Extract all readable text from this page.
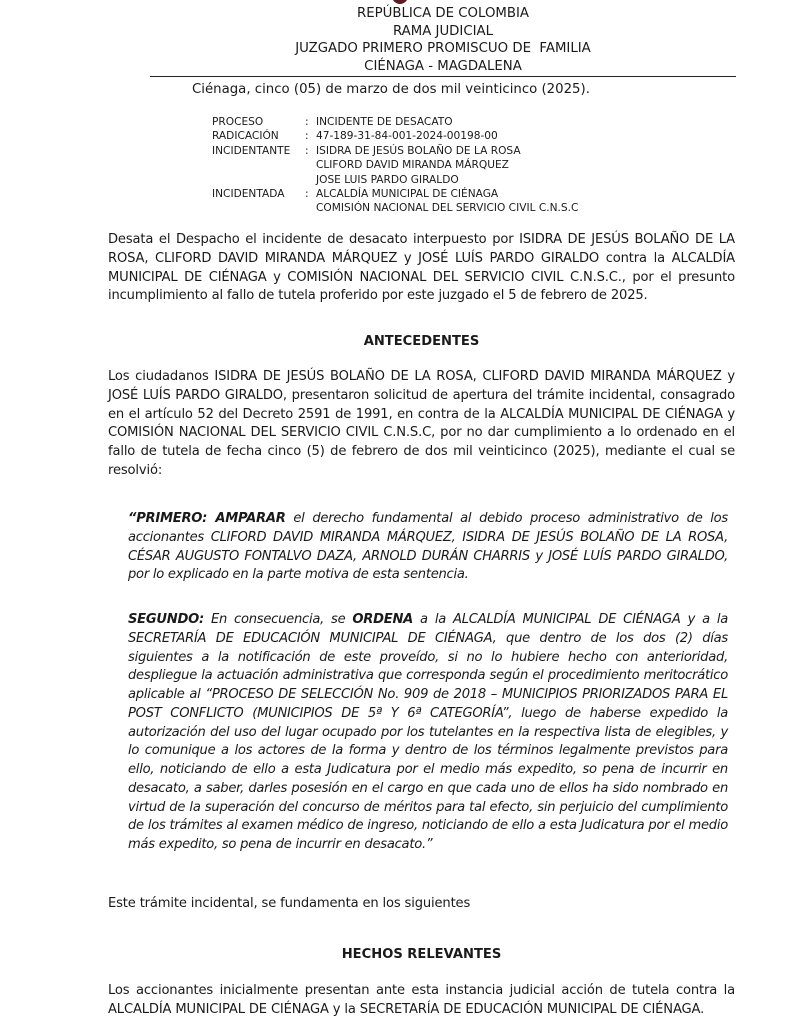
REPÚBLICA DE COLOMBIA
RAMA JUDICIAL
JUZGADO PRIMERO PROMISCUO DE  FAMILIA
CIÉNAGA - MAGDALENA
Ciénaga, cinco (05) de marzo de dos mil veinticinco (2025).
PROCESO	: INCIDENTE DE DESACATO
RADICACIÓN	: 47-189-31-84-001-2024-00198-00
INCIDENTANTE	: ISIDRA DE JESÚS BOLAÑO DE LA ROSA
CLIFORD DAVID MIRANDA MÁRQUEZ
JOSE LUIS PARDO GIRALDO
INCIDENTADA	: ALCALDÍA MUNICIPAL DE CIÉNAGA
COMISIÓN NACIONAL DEL SERVICIO CIVIL C.N.S.C
Desata el Despacho el incidente de desacato interpuesto por ISIDRA DE JESÚS BOLAÑO DE LA ROSA, CLIFORD DAVID MIRANDA MÁRQUEZ y JOSÉ LUÍS PARDO GIRALDO contra la ALCALDÍA MUNICIPAL DE CIÉNAGA y COMISIÓN NACIONAL DEL SERVICIO CIVIL C.N.S.C., por el presunto incumplimiento al fallo de tutela proferido por este juzgado el 5 de febrero de 2025.
ANTECEDENTES
Los ciudadanos ISIDRA DE JESÚS BOLAÑO DE LA ROSA, CLIFORD DAVID MIRANDA MÁRQUEZ y JOSÉ LUÍS PARDO GIRALDO, presentaron solicitud de apertura del trámite incidental, consagrado en el artículo 52 del Decreto 2591 de 1991, en contra de la ALCALDÍA MUNICIPAL DE CIÉNAGA y COMISIÓN NACIONAL DEL SERVICIO CIVIL C.N.S.C, por no dar cumplimiento a lo ordenado en el fallo de tutela de fecha cinco (5) de febrero de dos mil veinticinco (2025), mediante el cual se resolvió:
“PRIMERO: AMPARAR el derecho fundamental al debido proceso administrativo de los accionantes CLIFORD DAVID MIRANDA MÁRQUEZ, ISIDRA DE JESÚS BOLAÑO DE LA ROSA, CÉSAR AUGUSTO FONTALVO DAZA, ARNOLD DURÁN CHARRIS y JOSÉ LUÍS PARDO GIRALDO, por lo explicado en la parte motiva de esta sentencia.
SEGUNDO: En consecuencia, se ORDENA a la ALCALDÍA MUNICIPAL DE CIÉNAGA y a la SECRETARÍA DE EDUCACIÓN MUNICIPAL DE CIÉNAGA, que dentro de los dos (2) días siguientes a la notificación de este proveído, si no lo hubiere hecho con anterioridad, despliegue la actuación administrativa que corresponda según el procedimiento meritocrático aplicable al “PROCESO DE SELECCIÓN No. 909 de 2018 – MUNICIPIOS PRIORIZADOS PARA EL POST CONFLICTO (MUNICIPIOS DE 5ª Y 6ª CATEGORÍA”, luego de haberse expedido la autorización del uso del lugar ocupado por los tutelantes en la respectiva lista de elegibles, y lo comunique a los actores de la forma y dentro de los términos legalmente previstos para ello, noticiando de ello a esta Judicatura por el medio más expedito, so pena de incurrir en desacato, a saber, darles posesión en el cargo en que cada uno de ellos ha sido nombrado en virtud de la superación del concurso de méritos para tal efecto, sin perjuicio del cumplimiento de los trámites al examen médico de ingreso, noticiando de ello a esta Judicatura por el medio más expedito, so pena de incurrir en desacato.”
Este trámite incidental, se fundamenta en los siguientes
HECHOS RELEVANTES
Los accionantes inicialmente presentan ante esta instancia judicial acción de tutela contra la ALCALDÍA MUNICIPAL DE CIÉNAGA y la SECRETARÍA DE EDUCACIÓN MUNICIPAL DE CIÉNAGA.
